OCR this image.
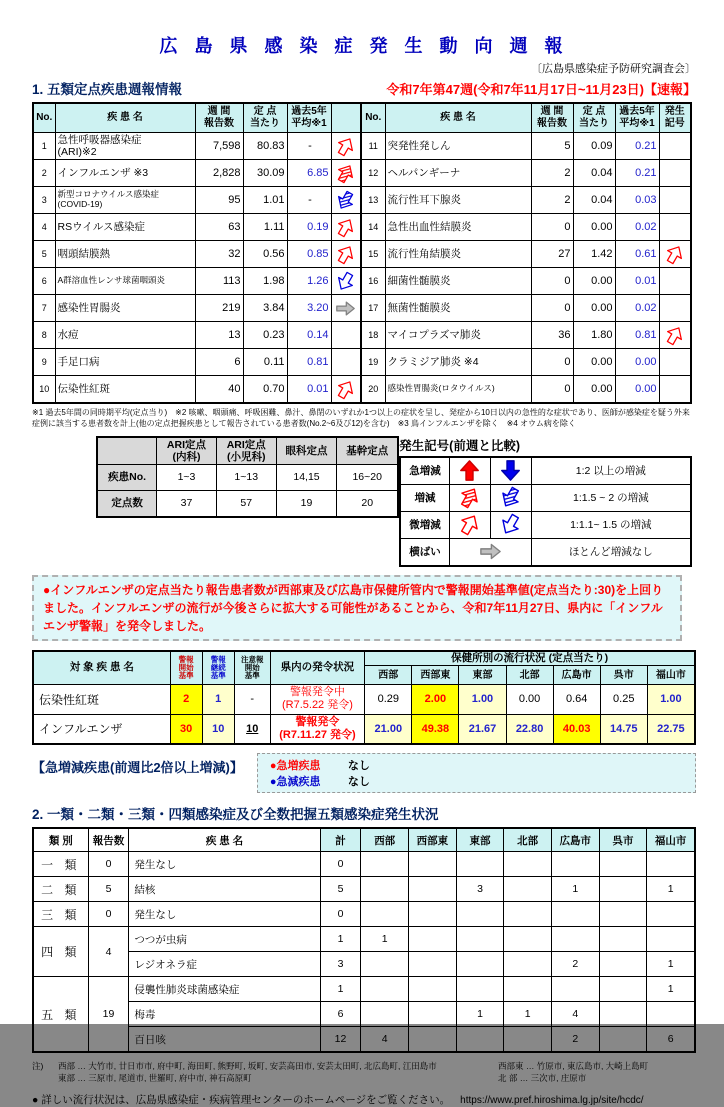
広 島 県 感 染 症 発 生 動 向 週 報
〔広島県感染症予防研究調査会〕
1. 五類定点疾患週報情報	令和7年第47週(令和7年11月17日~11月23日)【速報】
No.	疾 患 名	週 間
報告数	定 点
当たり	過去5年
平均※1	
1	急性呼吸器感染症
(ARI)※2	7,598	80.83	-	
2	インフルエンザ ※3	2,828	30.09	6.85	
3	新型コロナウイルス感染症
(COVID-19)	95	1.01	-	
4	RSウイルス感染症	63	1.11	0.19	
5	咽頭結膜熱	32	0.56	0.85	
6	A群溶血性レンサ球菌咽頭炎	113	1.98	1.26	
7	感染性胃腸炎	219	3.84	3.20	
8	水痘	13	0.23	0.14	
9	手足口病	6	0.11	0.81	
10	伝染性紅斑	40	0.70	0.01	
No.	疾 患 名	週 間
報告数	定 点
当たり	過去5年
平均※1	発生
記号
11	突発性発しん	5	0.09	0.21	
12	ヘルパンギーナ	2	0.04	0.21	
13	流行性耳下腺炎	2	0.04	0.03	
14	急性出血性結膜炎	0	0.00	0.02	
15	流行性角結膜炎	27	1.42	0.61	
16	細菌性髄膜炎	0	0.00	0.01	
17	無菌性髄膜炎	0	0.00	0.02	
18	マイコプラズマ肺炎	36	1.80	0.81	
19	クラミジア肺炎 ※4	0	0.00	0.00	
20	感染性胃腸炎(ロタウイルス)	0	0.00	0.00	
※1 過去5年間の同時期平均(定点当り)　※2 咳嗽、咽頭痛、呼吸困難、鼻汁、鼻閉のいずれか1つ以上の症状を呈し、発症から10日以内の急性的な症状であり、医師が感染症を疑う外来症例に該当する患者数を計上(他の定点把握疾患として報告されている患者数(No.2~6及び12)を含む)　※3 鳥インフルエンザを除く　※4 オウム病を除く
	ARI定点
(内科)	ARI定点
(小児科)	眼科定点	基幹定点
疾患No.	1~3	1~13	14,15	16~20
定点数	37	57	19	20
発生記号(前週と比較)
急増減			1:2 以上の増減
増減			1:1.5 ~ 2 の増減
微増減			1:1.1~ 1.5 の増減
横ばい			ほとんど増減なし
●インフルエンザの定点当たり報告患者数が西部東及び広島市保健所管内で警報開始基準値(定点当たり:30)を上回りました。インフルエンザの流行が今後さらに拡大する可能性があることから、令和7年11月27日、県内に「インフルエンザ警報」を発令しました。
対 象 疾 患 名	警報
開始
基準	警報
継続
基準	注意報
開始
基準	県内の発令状況	保健所別の流行状況 (定点当たり)						
					西部	西部東	東部	北部	広島市	呉市	福山市
伝染性紅斑	2	1	-	警報発令中
(R7.5.22 発令)	0.29	2.00	1.00	0.00	0.64	0.25	1.00
インフルエンザ	30	10	10	警報発令
(R7.11.27 発令)	21.00	49.38	21.67	22.80	40.03	14.75	22.75
【急増減疾患(前週比2倍以上増減)】 ●急増疾患 なし
●急減疾患 なし
2. 一類・二類・三類・四類感染症及び全数把握五類感染症発生状況
類 別	報告数	疾 患 名	計	西部	西部東	東部	北部	広島市	呉市	福山市
一 類	0	発生なし	0							
二 類	5	結核	5			3		1		1
三 類	0	発生なし	0							
四 類	4	つつが虫病	1	1						
		レジオネラ症	3					2		1
五 類	19	侵襲性肺炎球菌感染症	1							1
		梅毒	6			1	1	4		
		百日咳	12	4				2		6
注)	西部 … 大竹市, 廿日市市, 府中町, 海田町, 熊野町, 坂町, 安芸高田市, 安芸太田町, 北広島町, 江田島市	西部東 … 竹原市, 東広島市, 大崎上島町
東部 … 三原市, 尾道市, 世羅町, 府中市, 神石高原町	北 部 … 三次市, 庄原市
● 詳しい流行状況は、広島県感染症・疾病管理センターのホームページをご覧ください。 https://www.pref.hiroshima.lg.jp/site/hcdc/
